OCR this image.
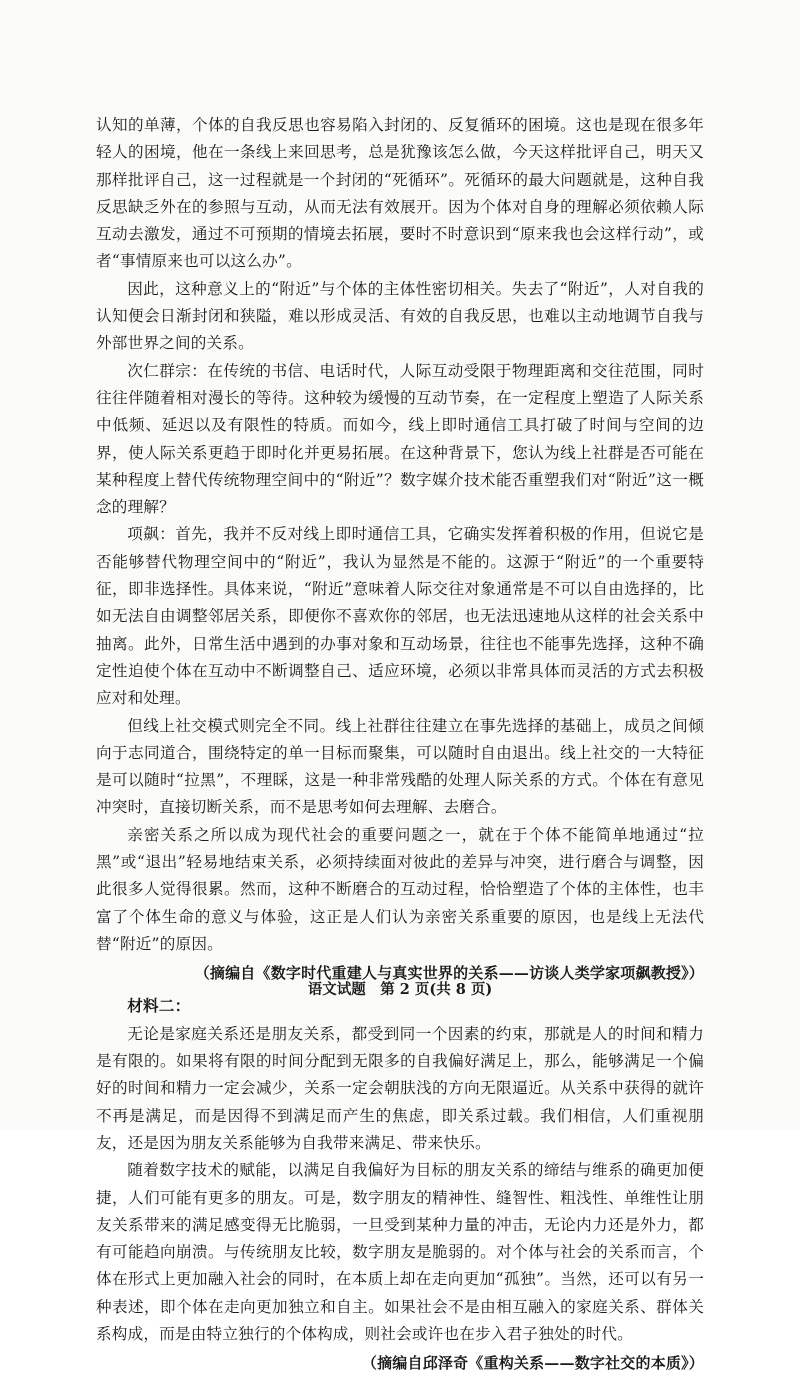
认知的单薄，个体的自我反思也容易陷入封闭的、反复循环的困境。这也是现在很多年轻人的困境，他在一条线上来回思考，总是犹豫该怎么做，今天这样批评自己，明天又那样批评自己，这一过程就是一个封闭的“死循环”。死循环的最大问题就是，这种自我反思缺乏外在的参照与互动，从而无法有效展开。因为个体对自身的理解必须依赖人际互动去激发，通过不可预期的情境去拓展，要时不时意识到“原来我也会这样行动”，或者“事情原来也可以这么办”。

因此，这种意义上的“附近”与个体的主体性密切相关。失去了“附近”，人对自我的认知便会日渐封闭和狭隘，难以形成灵活、有效的自我反思，也难以主动地调节自我与外部世界之间的关系。

次仁群宗：在传统的书信、电话时代，人际互动受限于物理距离和交往范围，同时往往伴随着相对漫长的等待。这种较为缓慢的互动节奏，在一定程度上塑造了人际关系中低频、延迟以及有限性的特质。而如今，线上即时通信工具打破了时间与空间的边界，使人际关系更趋于即时化并更易拓展。在这种背景下，您认为线上社群是否可能在某种程度上替代传统物理空间中的“附近”？数字媒介技术能否重塑我们对“附近”这一概念的理解？

项飙：首先，我并不反对线上即时通信工具，它确实发挥着积极的作用，但说它是否能够替代物理空间中的“附近”，我认为显然是不能的。这源于“附近”的一个重要特征，即非选择性。具体来说，“附近”意味着人际交往对象通常是不可以自由选择的，比如无法自由调整邻居关系，即便你不喜欢你的邻居，也无法迅速地从这样的社会关系中抽离。此外，日常生活中遇到的办事对象和互动场景，往往也不能事先选择，这种不确定性迫使个体在互动中不断调整自己、适应环境，必须以非常具体而灵活的方式去积极应对和处理。

但线上社交模式则完全不同。线上社群往往建立在事先选择的基础上，成员之间倾向于志同道合，围绕特定的单一目标而聚集，可以随时自由退出。线上社交的一大特征是可以随时“拉黑”，不理睬，这是一种非常残酷的处理人际关系的方式。个体在有意见冲突时，直接切断关系，而不是思考如何去理解、去磨合。

亲密关系之所以成为现代社会的重要问题之一，就在于个体不能简单地通过“拉黑”或“退出”轻易地结束关系，必须持续面对彼此的差异与冲突，进行磨合与调整，因此很多人觉得很累。然而，这种不断磨合的互动过程，恰恰塑造了个体的主体性，也丰富了个体生命的意义与体验，这正是人们认为亲密关系重要的原因，也是线上无法代替“附近”的原因。

（摘编自《数字时代重建人与真实世界的关系——访谈人类学家项飙教授》）
材料二：

无论是家庭关系还是朋友关系，都受到同一个因素的约束，那就是人的时间和精力是有限的。如果将有限的时间分配到无限多的自我偏好满足上，那么，能够满足一个偏好的时间和精力一定会减少，关系一定会朝肤浅的方向无限逼近。从关系中获得的就许不再是满足，而是因得不到满足而产生的焦虑，即关系过载。我们相信，人们重视朋友，还是因为朋友关系能够为自我带来满足、带来快乐。

随着数字技术的赋能，以满足自我偏好为目标的朋友关系的缔结与维系的确更加便捷，人们可能有更多的朋友。可是，数字朋友的精神性、缝智性、粗浅性、单维性让朋友关系带来的满足感变得无比脆弱，一旦受到某种力量的冲击，无论内力还是外力，都有可能趋向崩溃。与传统朋友比较，数字朋友是脆弱的。对个体与社会的关系而言，个体在形式上更加融入社会的同时，在本质上却在走向更加“孤独”。当然，还可以有另一种表述，即个体在走向更加独立和自主。如果社会不是由相互融入的家庭关系、群体关系构成，而是由特立独行的个体构成，则社会或许也在步入君子独处的时代。

（摘编自邱泽奇《重构关系——数字社交的本质》）
语文试题　第 2 页(共 8 页)
